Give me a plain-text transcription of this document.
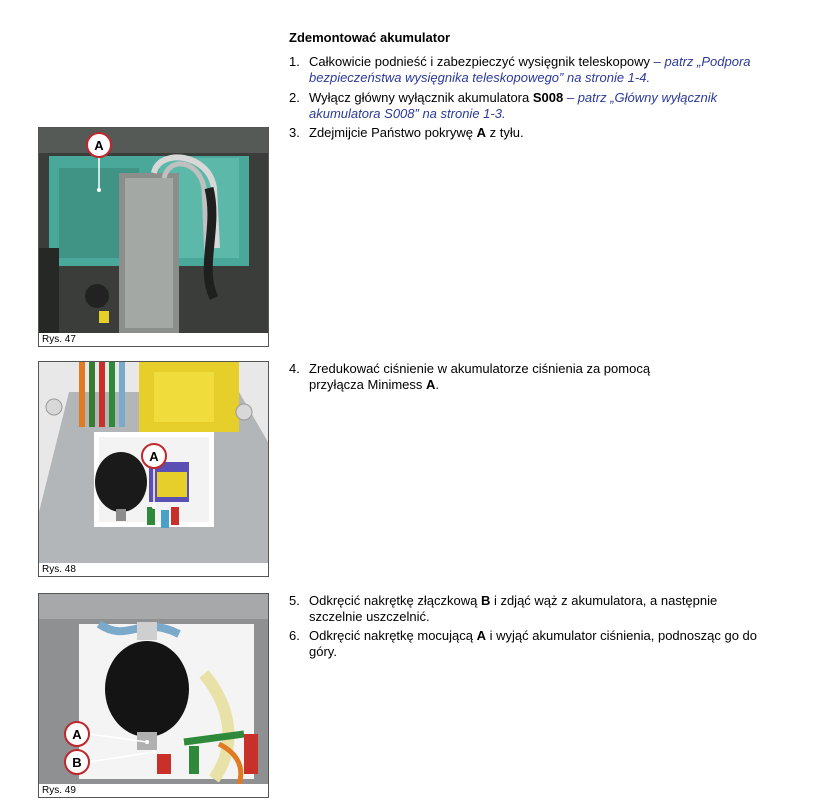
Zdemontować akumulator
1. Całkowicie podnieść i zabezpieczyć wysięgnik teleskopowy – patrz „Podpora
bezpieczeństwa wysięgnika teleskopowego” na stronie 1-4.
2. Wyłącz główny wyłącznik akumulatora S008 – patrz „Główny wyłącznik
akumulatora S008” na stronie 1-3.
3. Zdejmijcie Państwo pokrywę A z tyłu.
4. Zredukować ciśnienie w akumulatorze ciśnienia za pomocą
przyłącza Minimess A.
5. Odkręcić nakrętkę złączkową B i zdjąć wąż z akumulatora, a następnie
szczelnie uszczelnić.
6. Odkręcić nakrętkę mocującą A i wyjąć akumulator ciśnienia, podnosząc go do
góry.
A
Rys. 47
A
Rys. 48
A
B
Rys. 49
